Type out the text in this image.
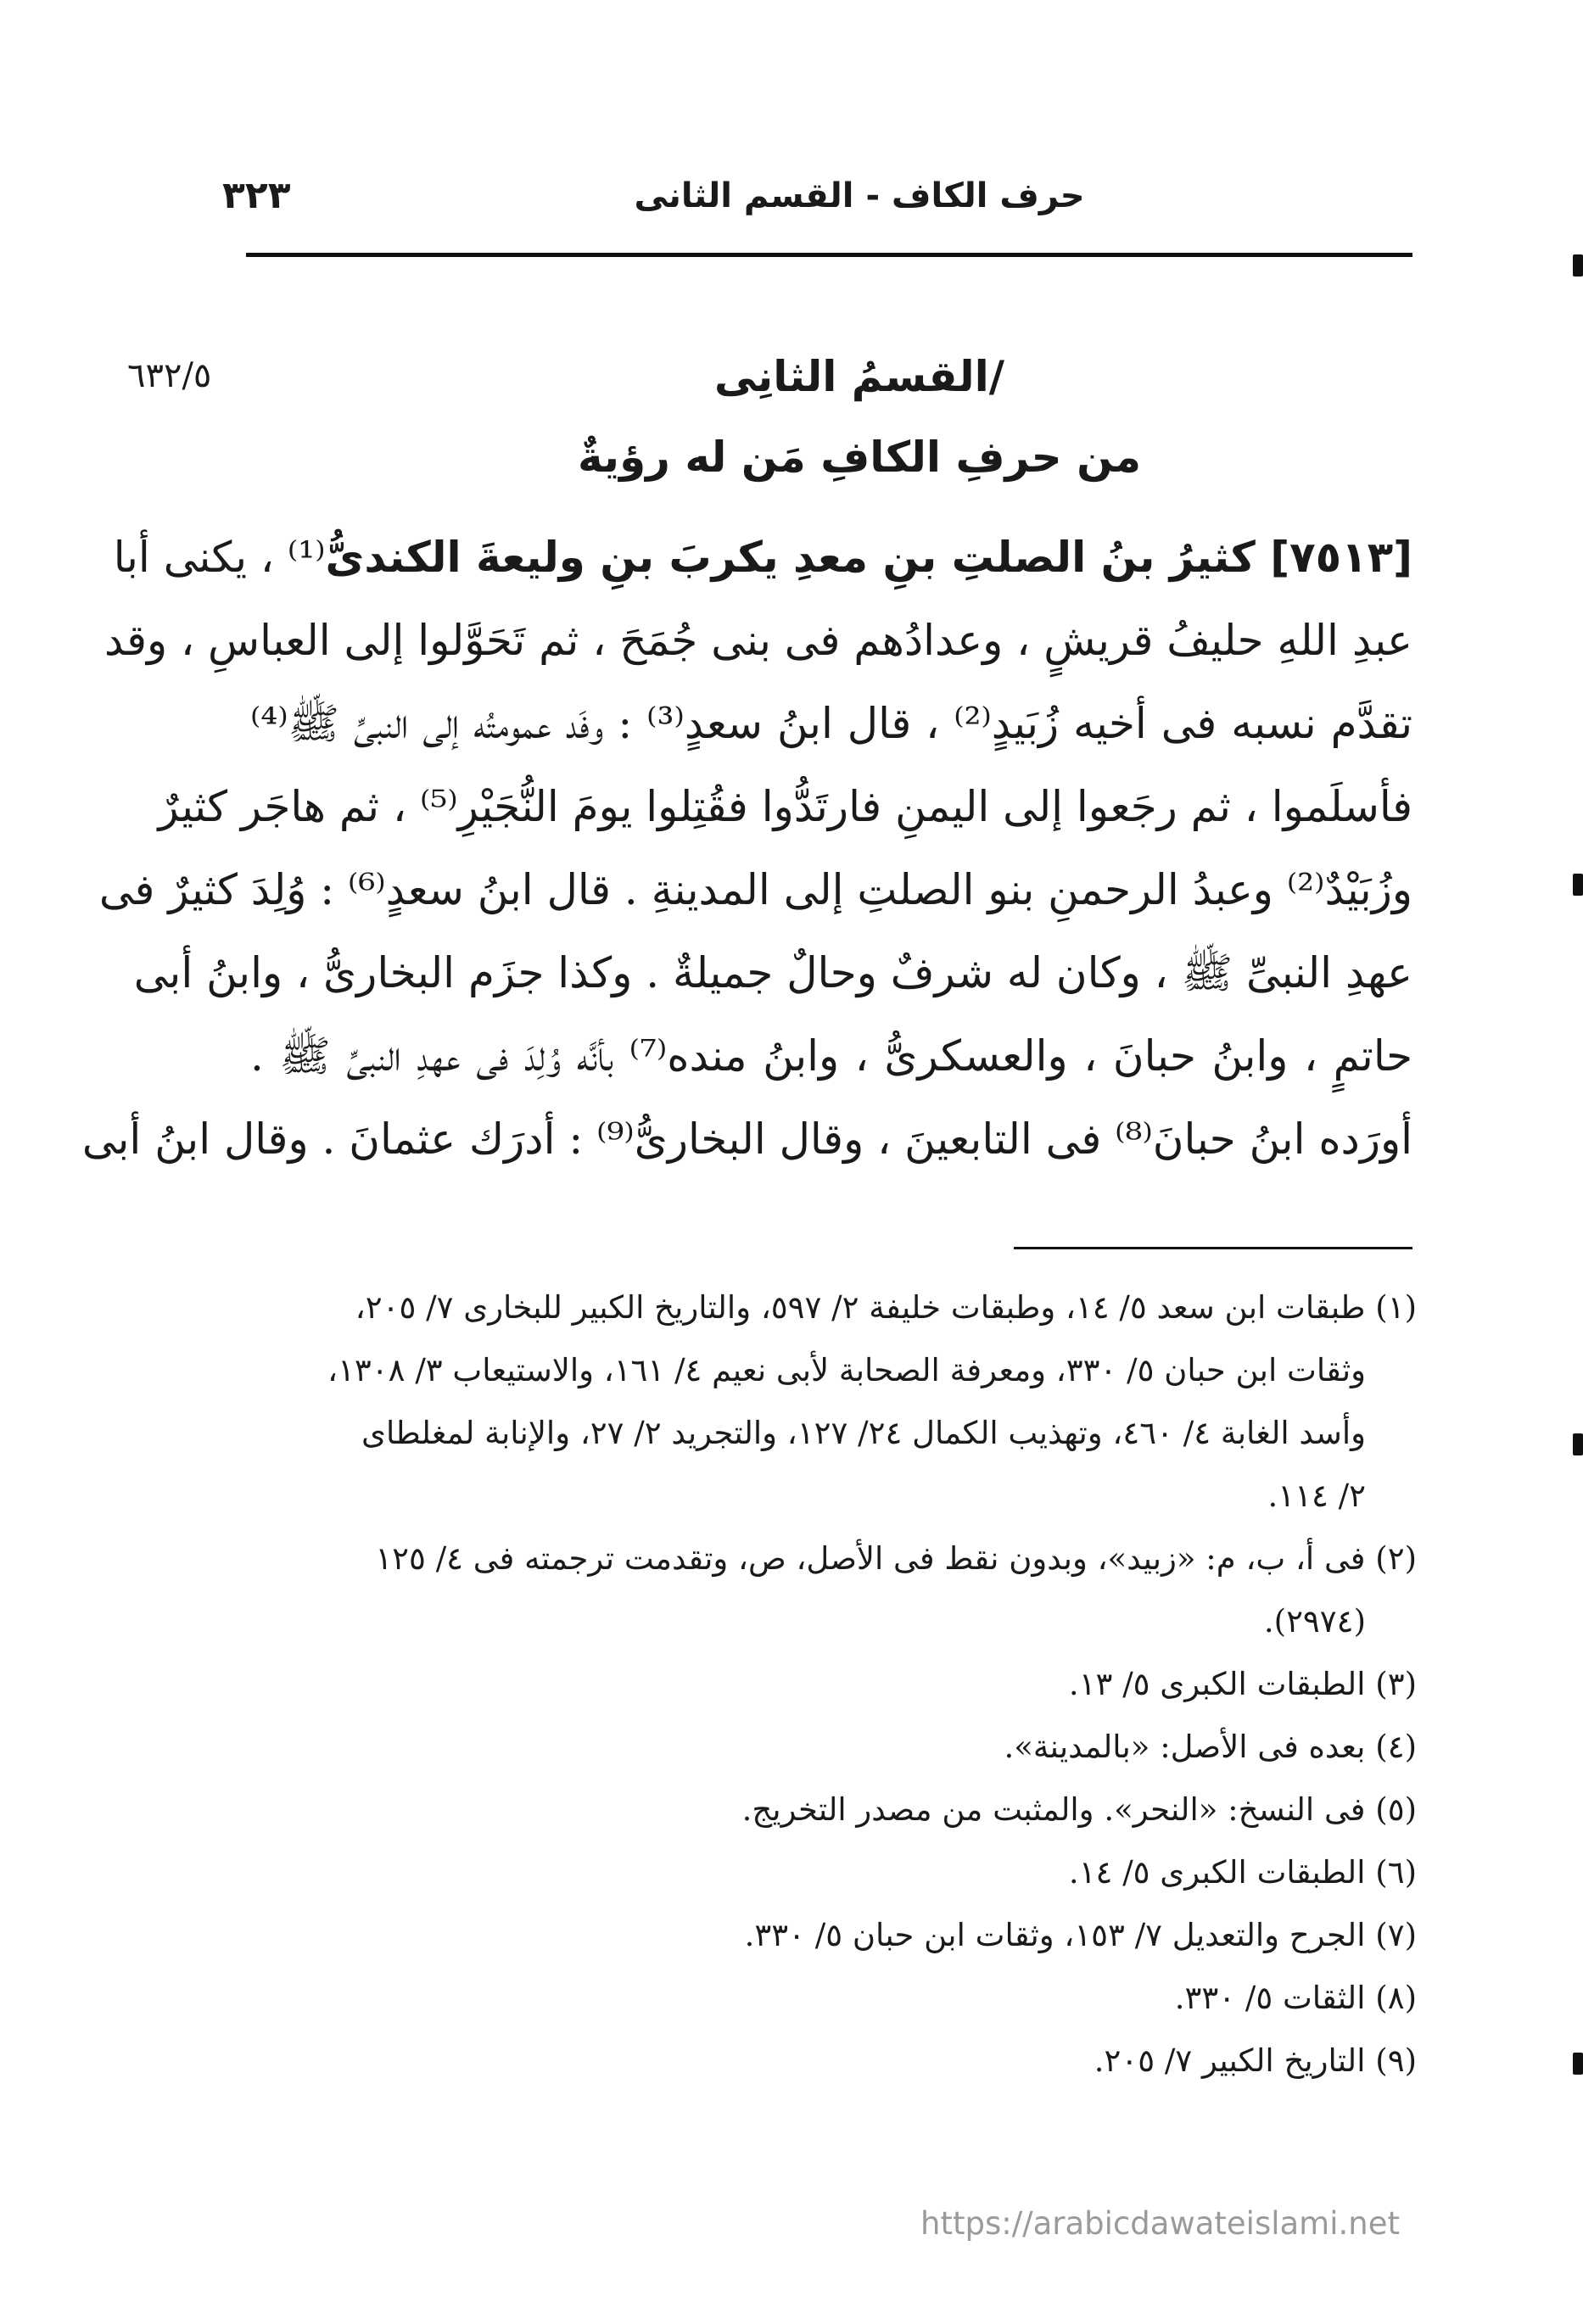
٣٢٣	حرف الكاف - القسم الثانى
٦٣٢/٥	/القسمُ الثانِى
من حرفِ الكافِ مَن له رؤيةٌ
[٧٥١٣] كثيرُ بنُ الصلتِ بنِ معدِ يكربَ بنِ وليعةَ الكندىُّ⁽¹⁾ ، يكنى أبا
عبدِ اللهِ حليفُ قريشٍ ، وعدادُهم فى بنى جُمَحَ ، ثم تَحَوَّلوا إلى العباسِ ، وقد
تقدَّم نسبه فى أخيه زُبَيدٍ⁽²⁾ ، قال ابنُ سعدٍ⁽³⁾ : وفَد عمومتُه إلى النبىِّ ﷺ⁽⁴⁾
فأسلَموا ، ثم رجَعوا إلى اليمنِ فارتَدُّوا فقُتِلوا يومَ النُّجَيْرِ⁽⁵⁾ ، ثم هاجَر كثيرٌ
وزُبَيْدٌ⁽²⁾ وعبدُ الرحمنِ بنو الصلتِ إلى المدينةِ . قال ابنُ سعدٍ⁽⁶⁾ : وُلِدَ كثيرٌ فى
عهدِ النبىِّ ﷺ ، وكان له شرفٌ وحالٌ جميلةٌ . وكذا جزَم البخارىُّ ، وابنُ أبى
حاتمٍ ، وابنُ حبانَ ، والعسكرىُّ ، وابنُ منده⁽⁷⁾ بأنَّه وُلِدَ فى عهدِ النبىِّ ﷺ .
أورَده ابنُ حبانَ⁽⁸⁾ فى التابعينَ ، وقال البخارىُّ⁽⁹⁾ : أدرَك عثمانَ . وقال ابنُ أبى
(١) طبقات ابن سعد ٥/ ١٤، وطبقات خليفة ٢/ ٥٩٧، والتاريخ الكبير للبخارى ٧/ ٢٠٥،
وثقات ابن حبان ٥/ ٣٣٠، ومعرفة الصحابة لأبى نعيم ٤/ ١٦١، والاستيعاب ٣/ ١٣٠٨،
وأسد الغابة ٤/ ٤٦٠، وتهذيب الكمال ٢٤/ ١٢٧، والتجريد ٢/ ٢٧، والإنابة لمغلطاى
٢/ ١١٤.
(٢) فى أ، ب، م: «زبيد»، وبدون نقط فى الأصل، ص، وتقدمت ترجمته فى ٤/ ١٢٥
(٢٩٧٤).
(٣) الطبقات الكبرى ٥/ ١٣.
(٤) بعده فى الأصل: «بالمدينة».
(٥) فى النسخ: «النحر». والمثبت من مصدر التخريج.
(٦) الطبقات الكبرى ٥/ ١٤.
(٧) الجرح والتعديل ٧/ ١٥٣، وثقات ابن حبان ٥/ ٣٣٠.
(٨) الثقات ٥/ ٣٣٠.
(٩) التاريخ الكبير ٧/ ٢٠٥.
https://arabicdawateislami.net
